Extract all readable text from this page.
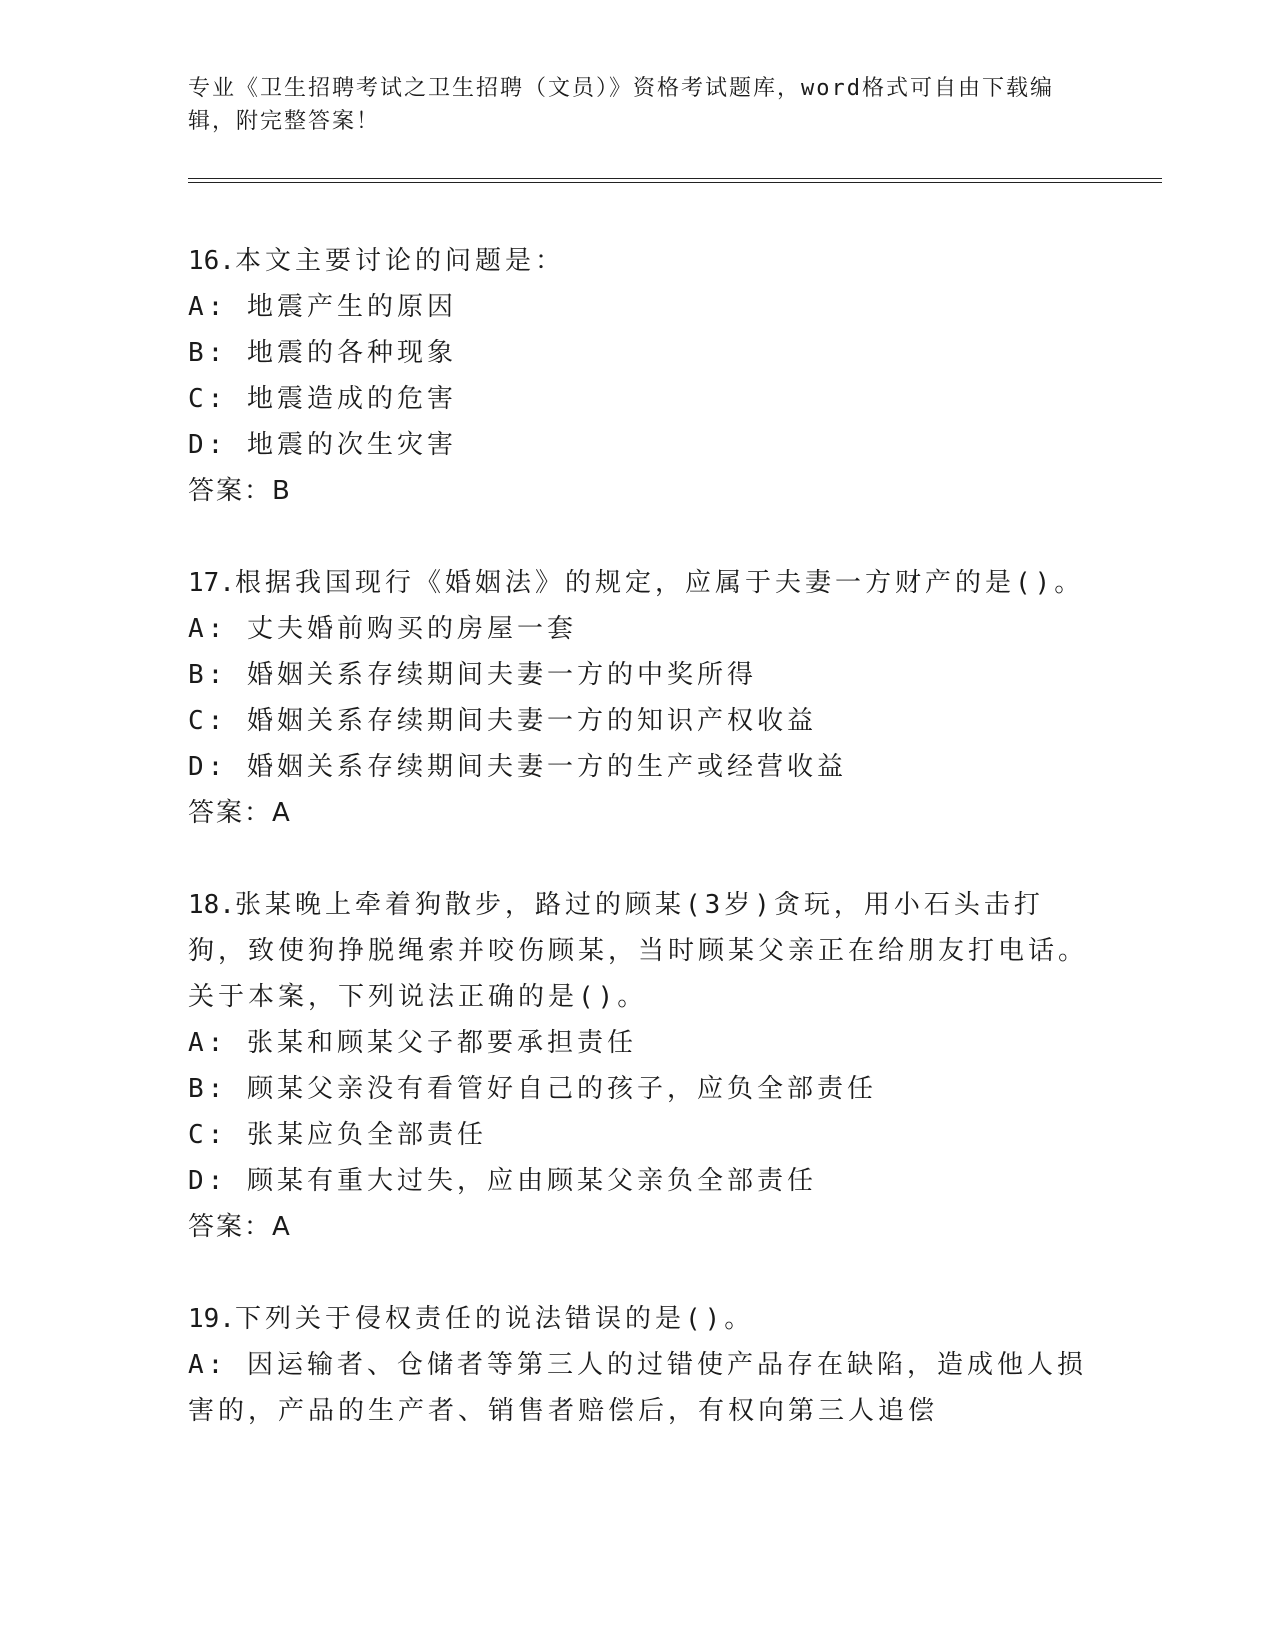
专业《卫生招聘考试之卫生招聘（文员）》资格考试题库，word格式可自由下载编辑，附完整答案！
16.本文主要讨论的问题是：
A: 地震产生的原因
B: 地震的各种现象
C: 地震造成的危害
D: 地震的次生灾害
答案：B
17.根据我国现行《婚姻法》的规定，应属于夫妻一方财产的是()。
A: 丈夫婚前购买的房屋一套
B: 婚姻关系存续期间夫妻一方的中奖所得
C: 婚姻关系存续期间夫妻一方的知识产权收益
D: 婚姻关系存续期间夫妻一方的生产或经营收益
答案：A
18.张某晚上牵着狗散步，路过的顾某(3岁)贪玩，用小石头击打狗，致使狗挣脱绳索并咬伤顾某，当时顾某父亲正在给朋友打电话。关于本案，下列说法正确的是()。
A: 张某和顾某父子都要承担责任
B: 顾某父亲没有看管好自己的孩子，应负全部责任
C: 张某应负全部责任
D: 顾某有重大过失，应由顾某父亲负全部责任
答案：A
19.下列关于侵权责任的说法错误的是()。
A: 因运输者、仓储者等第三人的过错使产品存在缺陷，造成他人损害的，产品的生产者、销售者赔偿后，有权向第三人追偿
